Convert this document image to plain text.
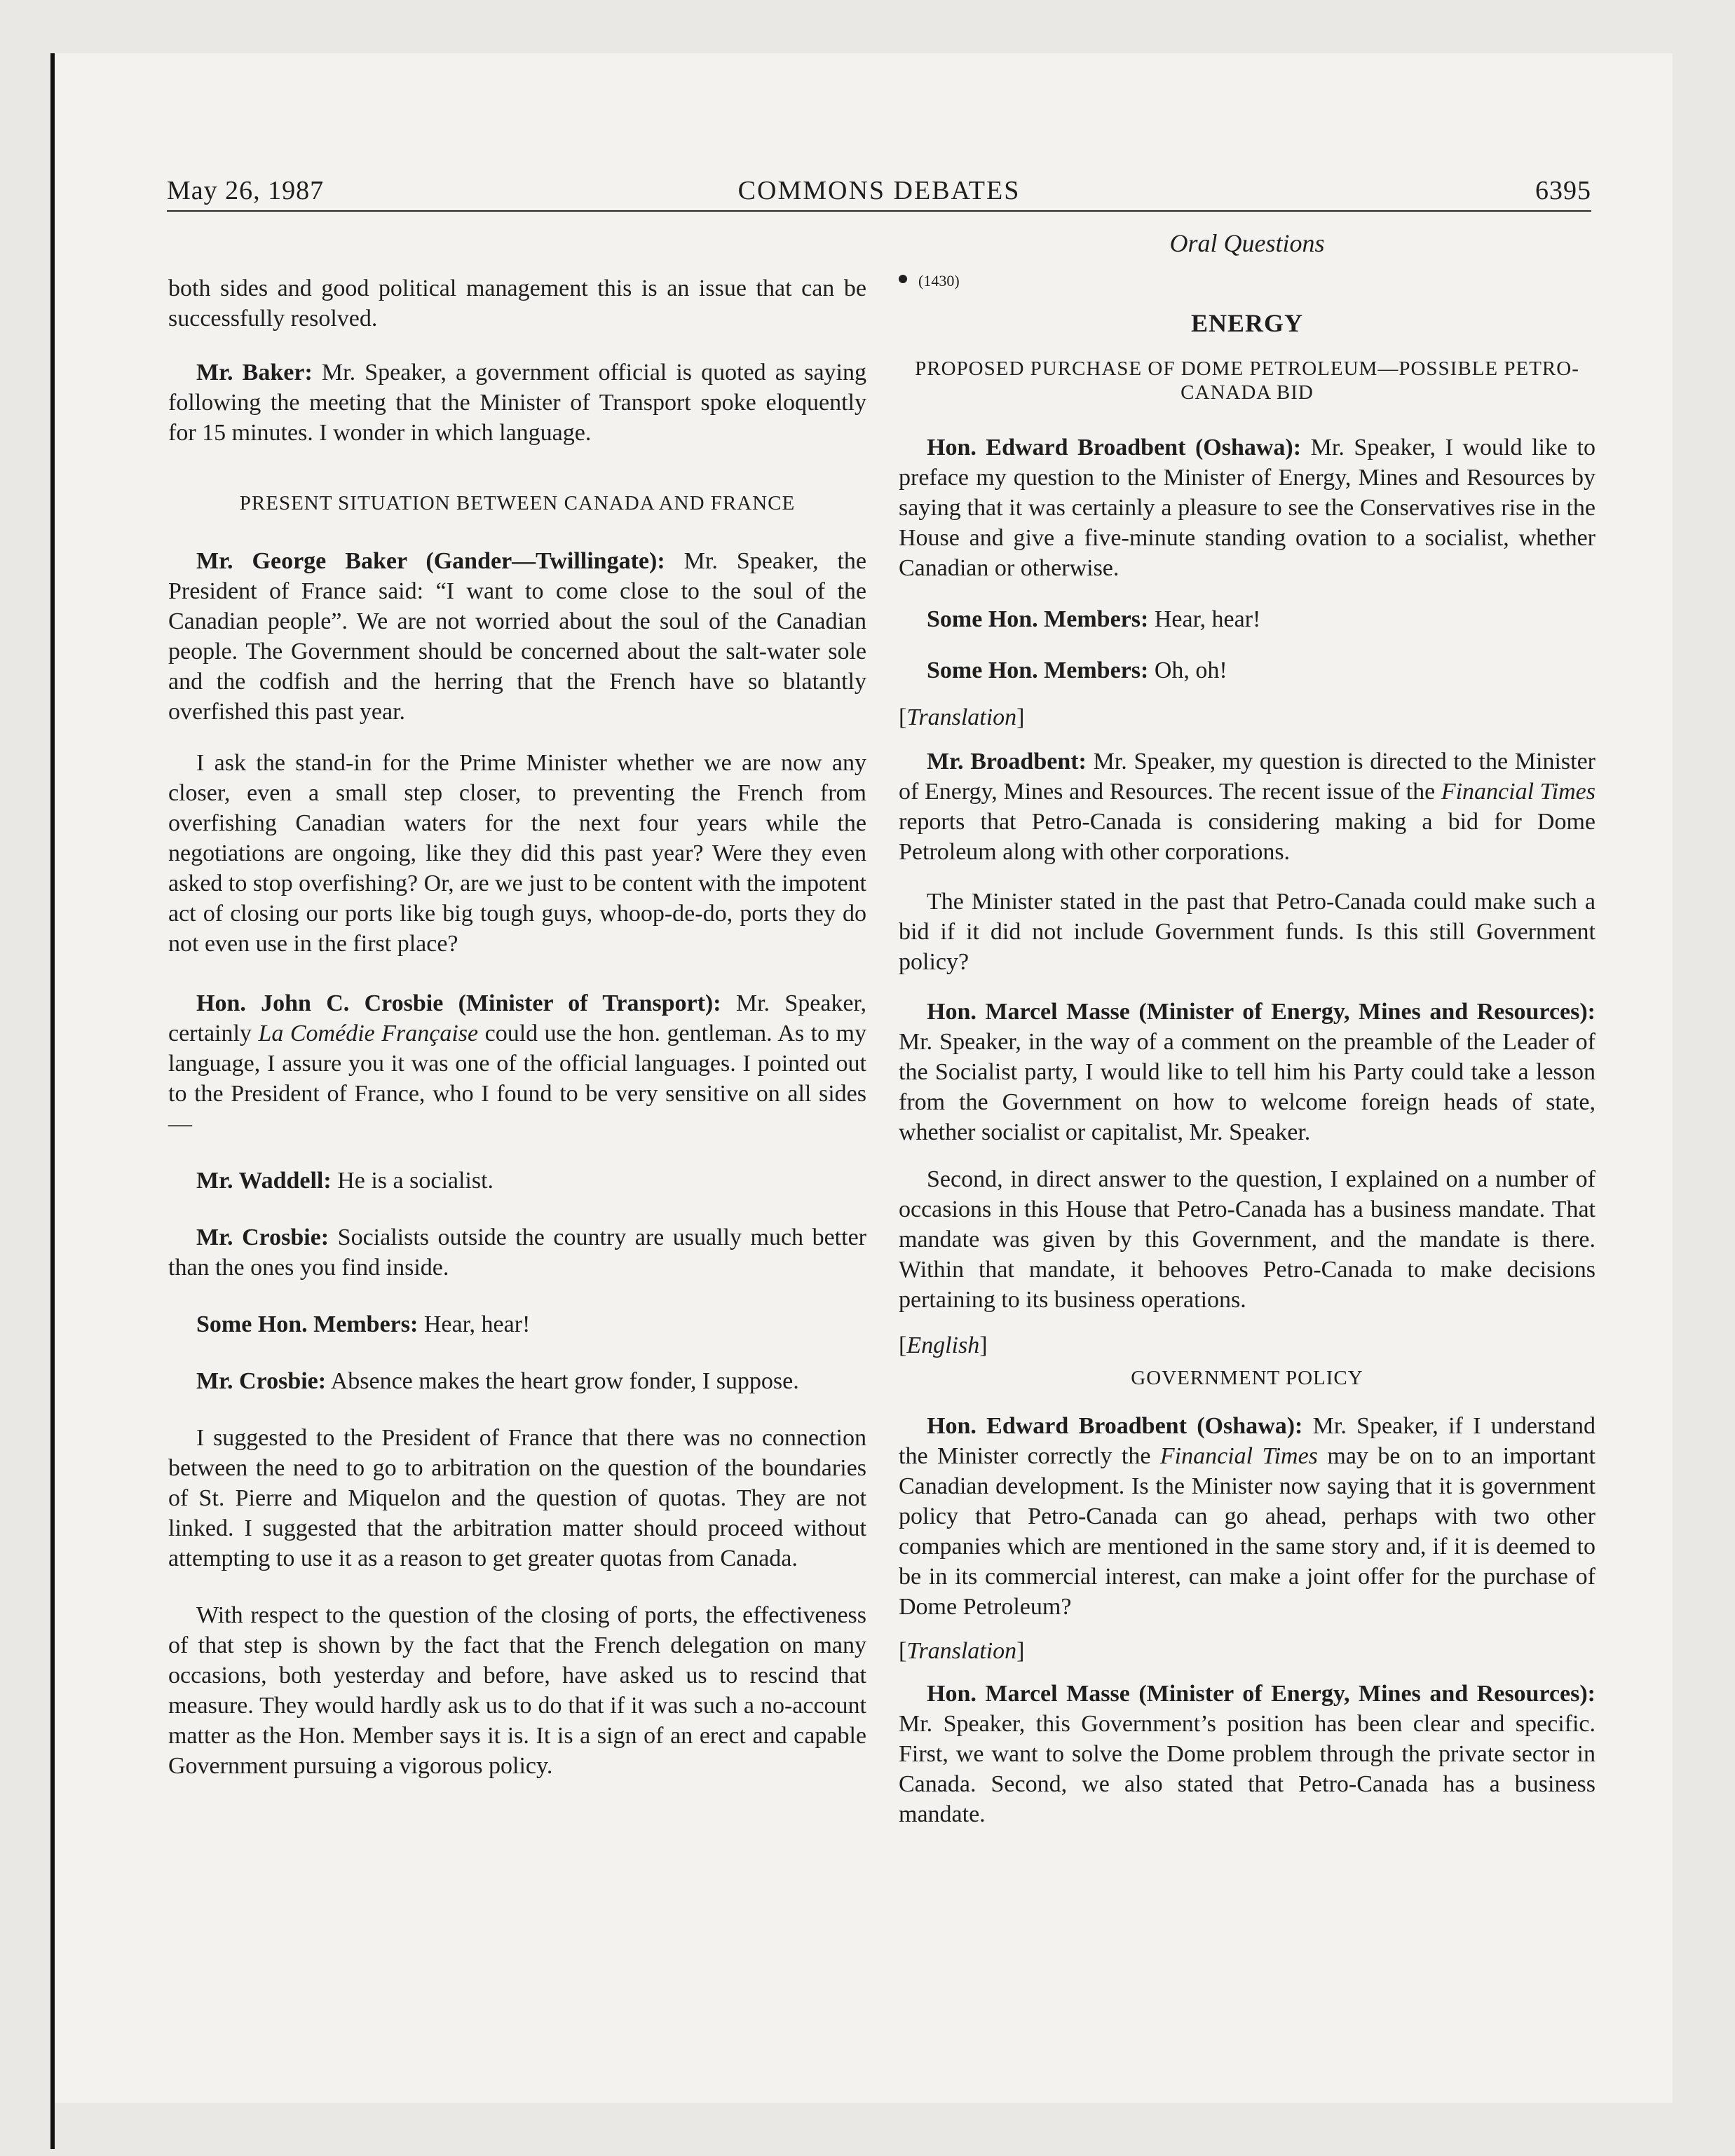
May 26, 1987	COMMONS DEBATES	6395

both sides and good political management this is an issue that can be successfully resolved.

Mr. Baker: Mr. Speaker, a government official is quoted as saying following the meeting that the Minister of Transport spoke eloquently for 15 minutes. I wonder in which language.

PRESENT SITUATION BETWEEN CANADA AND FRANCE

Mr. George Baker (Gander—Twillingate): Mr. Speaker, the President of France said: “I want to come close to the soul of the Canadian people”. We are not worried about the soul of the Canadian people. The Government should be concerned about the salt-water sole and the codfish and the herring that the French have so blatantly overfished this past year.

I ask the stand-in for the Prime Minister whether we are now any closer, even a small step closer, to preventing the French from overfishing Canadian waters for the next four years while the negotiations are ongoing, like they did this past year? Were they even asked to stop overfishing? Or, are we just to be content with the impotent act of closing our ports like big tough guys, whoop-de-do, ports they do not even use in the first place?

Hon. John C. Crosbie (Minister of Transport): Mr. Speaker, certainly La Comédie Française could use the hon. gentleman. As to my language, I assure you it was one of the official languages. I pointed out to the President of France, who I found to be very sensitive on all sides—

Mr. Waddell: He is a socialist.

Mr. Crosbie: Socialists outside the country are usually much better than the ones you find inside.

Some Hon. Members: Hear, hear!

Mr. Crosbie: Absence makes the heart grow fonder, I suppose.

I suggested to the President of France that there was no connection between the need to go to arbitration on the question of the boundaries of St. Pierre and Miquelon and the question of quotas. They are not linked. I suggested that the arbitration matter should proceed without attempting to use it as a reason to get greater quotas from Canada.

With respect to the question of the closing of ports, the effectiveness of that step is shown by the fact that the French delegation on many occasions, both yesterday and before, have asked us to rescind that measure. They would hardly ask us to do that if it was such a no-account matter as the Hon. Member says it is. It is a sign of an erect and capable Government pursuing a vigorous policy.

Oral Questions

(1430)

ENERGY

PROPOSED PURCHASE OF DOME PETROLEUM—POSSIBLE PETRO-CANADA BID

Hon. Edward Broadbent (Oshawa): Mr. Speaker, I would like to preface my question to the Minister of Energy, Mines and Resources by saying that it was certainly a pleasure to see the Conservatives rise in the House and give a five-minute standing ovation to a socialist, whether Canadian or otherwise.

Some Hon. Members: Hear, hear!

Some Hon. Members: Oh, oh!

[Translation]

Mr. Broadbent: Mr. Speaker, my question is directed to the Minister of Energy, Mines and Resources. The recent issue of the Financial Times reports that Petro-Canada is considering making a bid for Dome Petroleum along with other corporations.

The Minister stated in the past that Petro-Canada could make such a bid if it did not include Government funds. Is this still Government policy?

Hon. Marcel Masse (Minister of Energy, Mines and Resources): Mr. Speaker, in the way of a comment on the preamble of the Leader of the Socialist party, I would like to tell him his Party could take a lesson from the Government on how to welcome foreign heads of state, whether socialist or capitalist, Mr. Speaker.

Second, in direct answer to the question, I explained on a number of occasions in this House that Petro-Canada has a business mandate. That mandate was given by this Government, and the mandate is there. Within that mandate, it behooves Petro-Canada to make decisions pertaining to its business operations.

[English]

GOVERNMENT POLICY

Hon. Edward Broadbent (Oshawa): Mr. Speaker, if I understand the Minister correctly the Financial Times may be on to an important Canadian development. Is the Minister now saying that it is government policy that Petro-Canada can go ahead, perhaps with two other companies which are mentioned in the same story and, if it is deemed to be in its commercial interest, can make a joint offer for the purchase of Dome Petroleum?

[Translation]

Hon. Marcel Masse (Minister of Energy, Mines and Resources): Mr. Speaker, this Government’s position has been clear and specific. First, we want to solve the Dome problem through the private sector in Canada. Second, we also stated that Petro-Canada has a business mandate.
